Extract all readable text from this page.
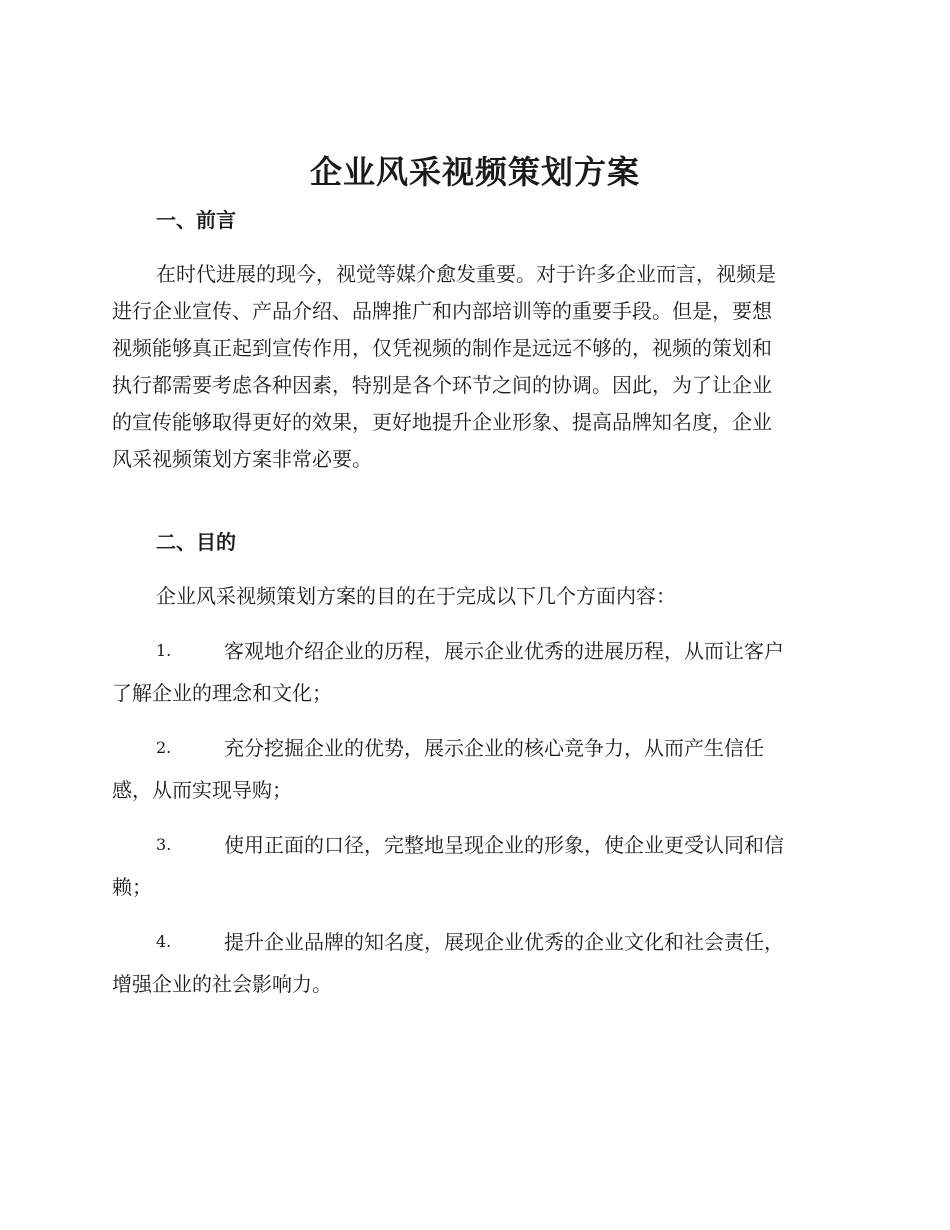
企业风采视频策划方案
一、前言
在时代进展的现今，视觉等媒介愈发重要。对于许多企业而言，视频是
进行企业宣传、产品介绍、品牌推广和内部培训等的重要手段。但是，要想
视频能够真正起到宣传作用，仅凭视频的制作是远远不够的，视频的策划和
执行都需要考虑各种因素，特别是各个环节之间的协调。因此，为了让企业
的宣传能够取得更好的效果，更好地提升企业形象、提高品牌知名度，企业
风采视频策划方案非常必要。
二、目的
企业风采视频策划方案的目的在于完成以下几个方面内容：
1.	客观地介绍企业的历程，展示企业优秀的进展历程，从而让客户
了解企业的理念和文化；
2.	充分挖掘企业的优势，展示企业的核心竞争力，从而产生信任
感，从而实现导购；
3.	使用正面的口径，完整地呈现企业的形象，使企业更受认同和信
赖；
4.	提升企业品牌的知名度，展现企业优秀的企业文化和社会责任，
增强企业的社会影响力。
